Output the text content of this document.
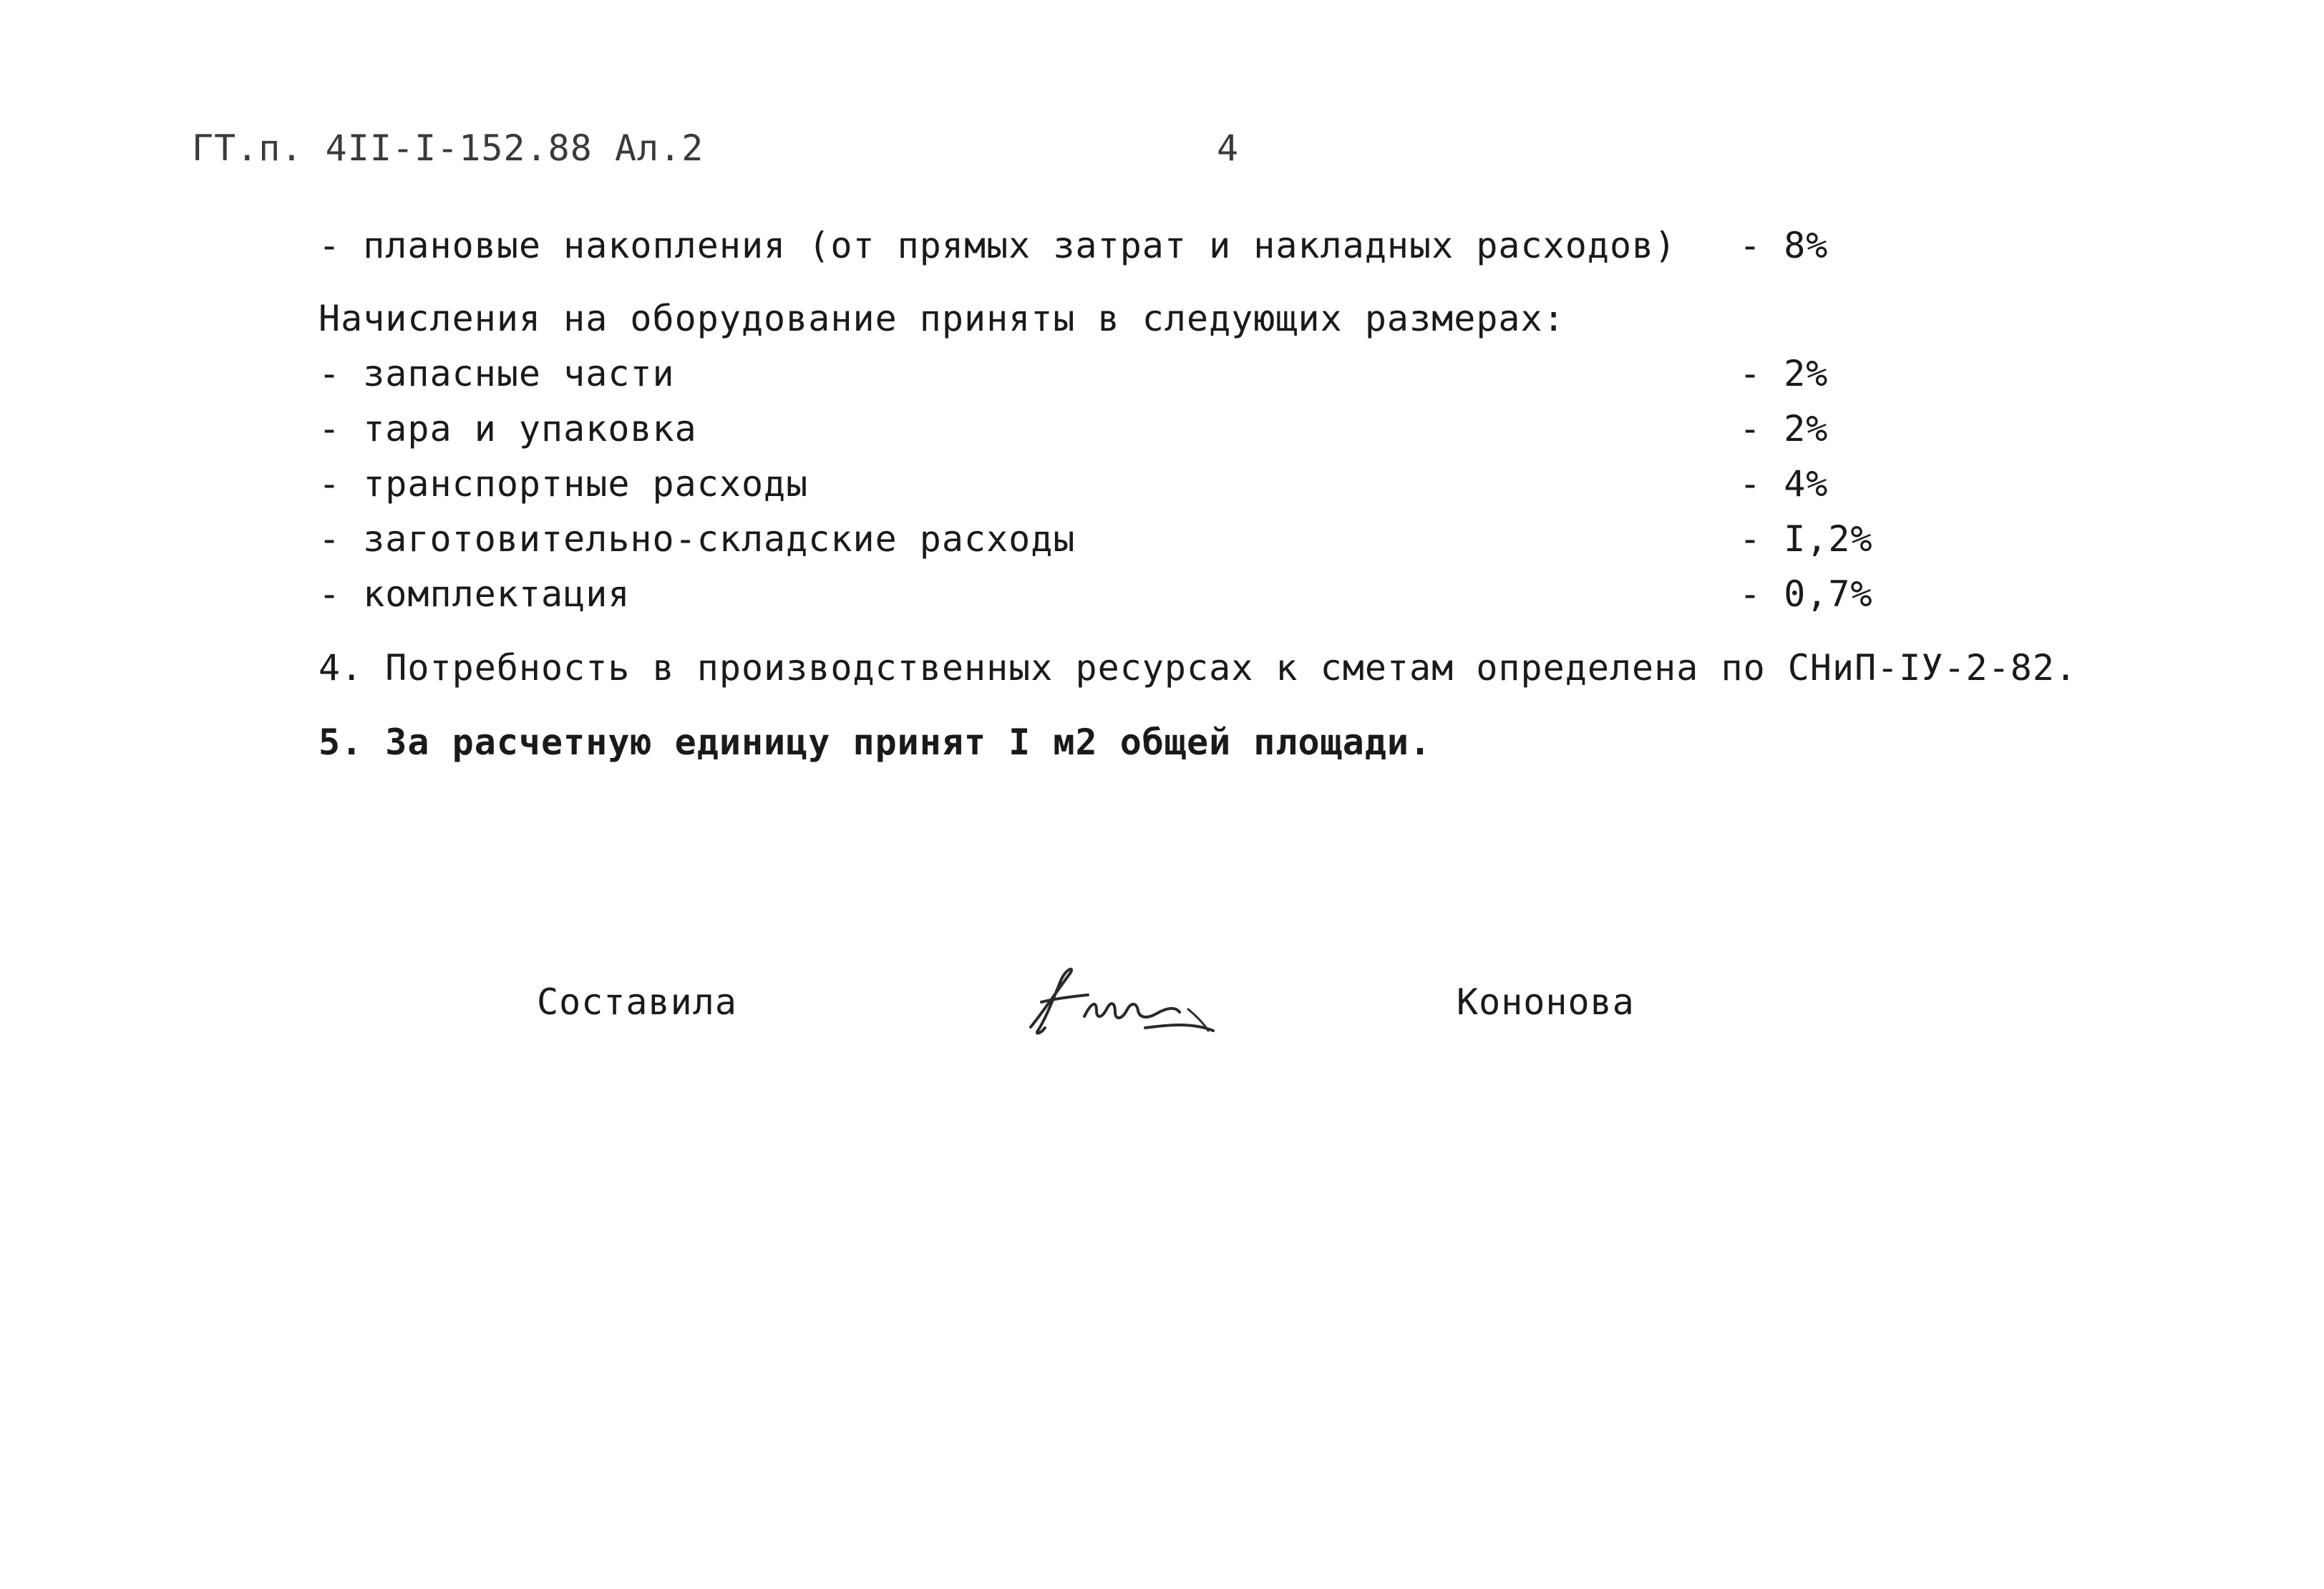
ГТ.п. 4II-I-152.88 Ал.2	4
- плановые накопления (от прямых затрат и накладных расходов) - 8%
Начисления на оборудование приняты в следующих размерах:
- запасные части	- 2%
- тара и упаковка	- 2%
- транспортные расходы	- 4%
- заготовительно-складские расходы	- I,2%
- комплектация	- 0,7%
4. Потребность в производственных ресурсах к сметам определена по СНиП-IУ-2-82.
5. За расчетную единицу принят I м2 общей площади.
Составила	Кононова
